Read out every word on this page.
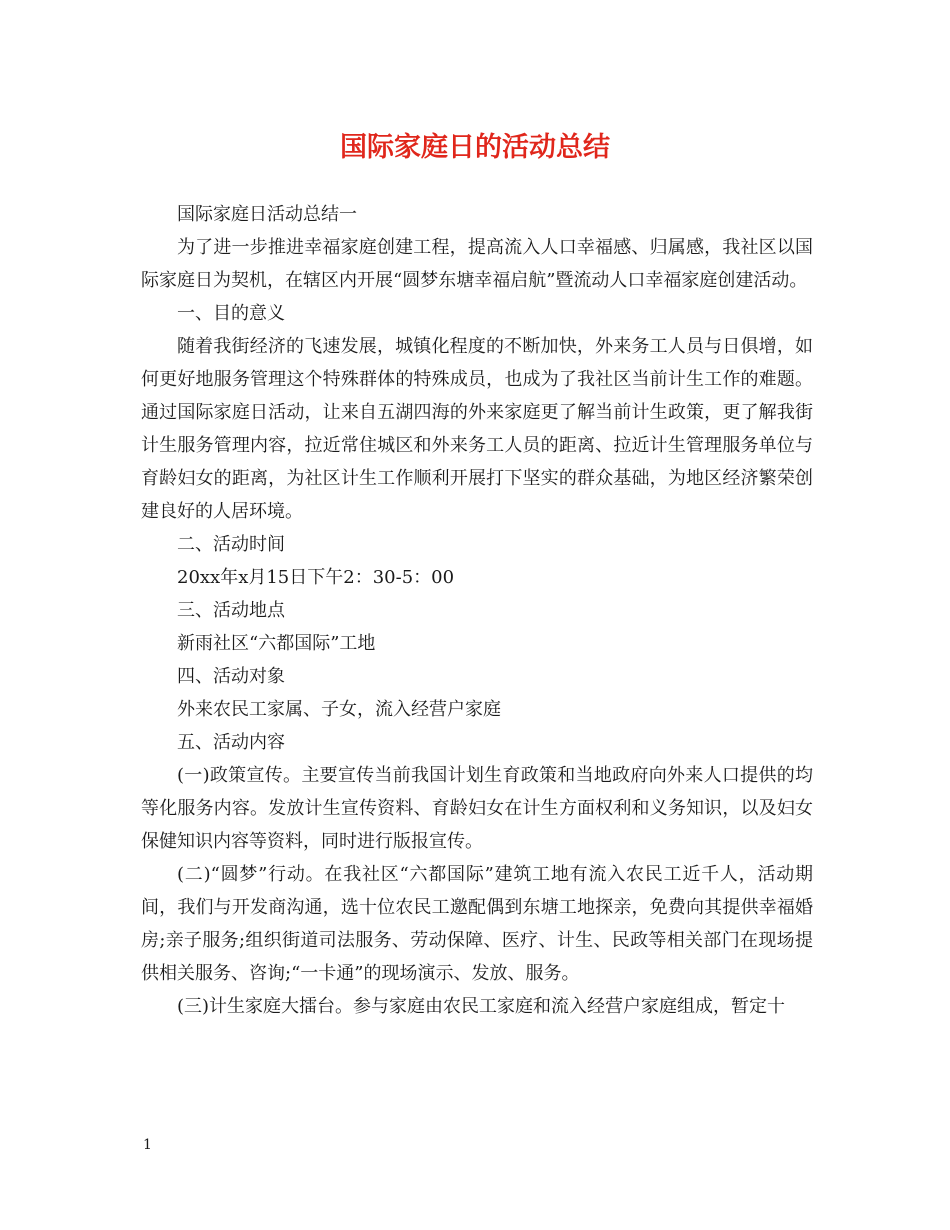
国际家庭日的活动总结

国际家庭日活动总结一

为了进一步推进幸福家庭创建工程，提高流入人口幸福感、归属感，我社区以国际家庭日为契机，在辖区内开展“圆梦东塘幸福启航”暨流动人口幸福家庭创建活动。

一、目的意义

随着我街经济的飞速发展，城镇化程度的不断加快，外来务工人员与日俱增，如何更好地服务管理这个特殊群体的特殊成员，也成为了我社区当前计生工作的难题。通过国际家庭日活动，让来自五湖四海的外来家庭更了解当前计生政策，更了解我街计生服务管理内容，拉近常住城区和外来务工人员的距离、拉近计生管理服务单位与育龄妇女的距离，为社区计生工作顺利开展打下坚实的群众基础，为地区经济繁荣创建良好的人居环境。

二、活动时间

20xx年x月15日下午2：30-5：00

三、活动地点

新雨社区“六都国际”工地

四、活动对象

外来农民工家属、子女，流入经营户家庭

五、活动内容

(一)政策宣传。主要宣传当前我国计划生育政策和当地政府向外来人口提供的均等化服务内容。发放计生宣传资料、育龄妇女在计生方面权利和义务知识，以及妇女保健知识内容等资料，同时进行版报宣传。

(二)“圆梦”行动。在我社区“六都国际”建筑工地有流入农民工近千人，活动期间，我们与开发商沟通，选十位农民工邀配偶到东塘工地探亲，免费向其提供幸福婚房;亲子服务;组织街道司法服务、劳动保障、医疗、计生、民政等相关部门在现场提供相关服务、咨询;“一卡通”的现场演示、发放、服务。

(三)计生家庭大擂台。参与家庭由农民工家庭和流入经营户家庭组成，暂定十

1
